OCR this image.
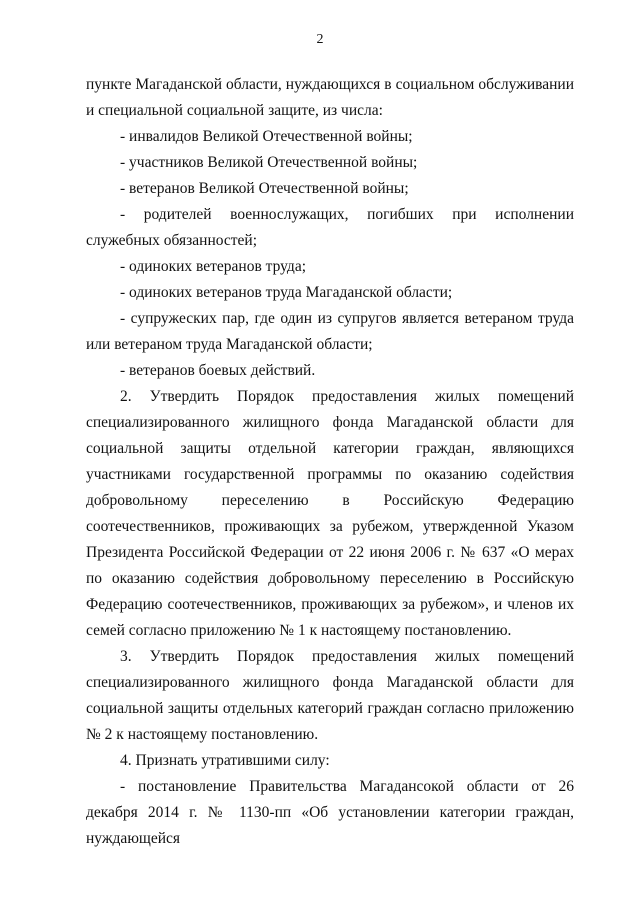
2

пункте Магаданской области, нуждающихся в социальном обслуживании и специальной социальной защите, из числа:

- инвалидов Великой Отечественной войны;

- участников Великой Отечественной войны;

- ветеранов Великой Отечественной войны;

- родителей военнослужащих, погибших при исполнении служебных обязанностей;

- одиноких ветеранов труда;

- одиноких ветеранов труда Магаданской области;

- супружеских пар, где один из супругов является ветераном труда или ветераном труда Магаданской области;

- ветеранов боевых действий.

2. Утвердить Порядок предоставления жилых помещений специализированного жилищного фонда Магаданской области для социальной защиты отдельной категории граждан, являющихся участниками государственной программы по оказанию содействия добровольному переселению в Российскую Федерацию соотечественников, проживающих за рубежом, утвержденной Указом Президента Российской Федерации от 22 июня 2006 г. № 637 «О мерах по оказанию содействия добровольному переселению в Российскую Федерацию соотечественников, проживающих за рубежом», и членов их семей согласно приложению № 1 к настоящему постановлению.

3. Утвердить Порядок предоставления жилых помещений специализированного жилищного фонда Магаданской области для социальной защиты отдельных категорий граждан согласно приложению № 2 к настоящему постановлению.

4. Признать утратившими силу:

- постановление Правительства Магадансокой области от 26 декабря 2014 г. № 1130-пп «Об установлении категории граждан, нуждающейся
